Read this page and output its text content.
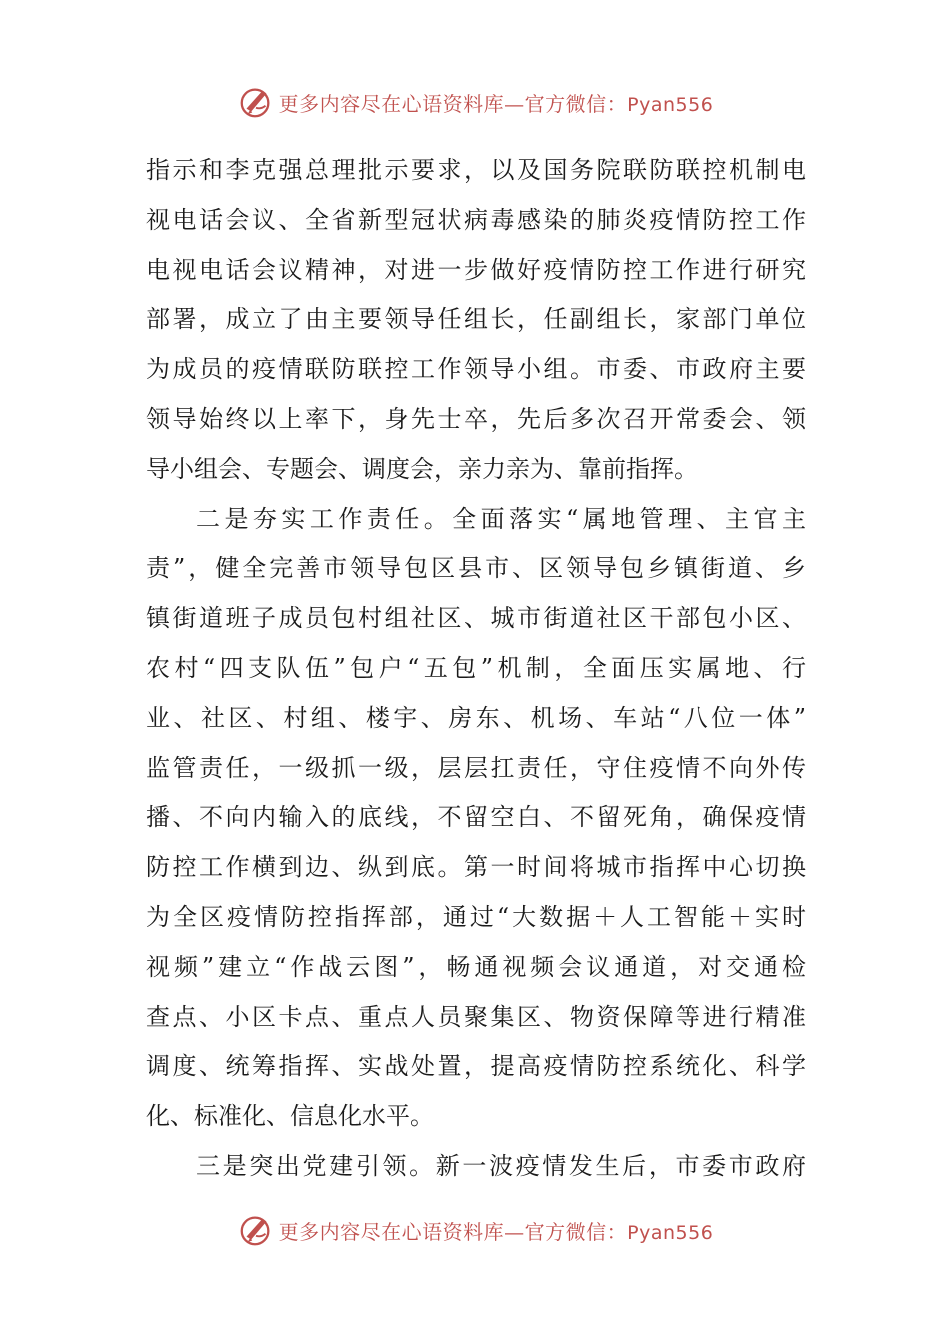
更多内容尽在心语资料库—官方微信：Pyan556
指示和李克强总理批示要求，以及国务院联防联控机制电
视电话会议、全省新型冠状病毒感染的肺炎疫情防控工作
电视电话会议精神，对进一步做好疫情防控工作进行研究
部署，成立了由主要领导任组长，任副组长，家部门单位
为成员的疫情联防联控工作领导小组。市委、市政府主要
领导始终以上率下，身先士卒，先后多次召开常委会、领
导小组会、专题会、调度会，亲力亲为、靠前指挥。
二是夯实工作责任。全面落实“属地管理、主官主
责”，健全完善市领导包区县市、区领导包乡镇街道、乡
镇街道班子成员包村组社区、城市街道社区干部包小区、
农村“四支队伍”包户“五包”机制，全面压实属地、行
业、社区、村组、楼宇、房东、机场、车站“八位一体”
监管责任，一级抓一级，层层扛责任，守住疫情不向外传
播、不向内输入的底线，不留空白、不留死角，确保疫情
防控工作横到边、纵到底。第一时间将城市指挥中心切换
为全区疫情防控指挥部，通过“大数据＋人工智能＋实时
视频”建立“作战云图”，畅通视频会议通道，对交通检
查点、小区卡点、重点人员聚集区、物资保障等进行精准
调度、统筹指挥、实战处置，提高疫情防控系统化、科学
化、标准化、信息化水平。
三是突出党建引领。新一波疫情发生后，市委市政府
更多内容尽在心语资料库—官方微信：Pyan556
